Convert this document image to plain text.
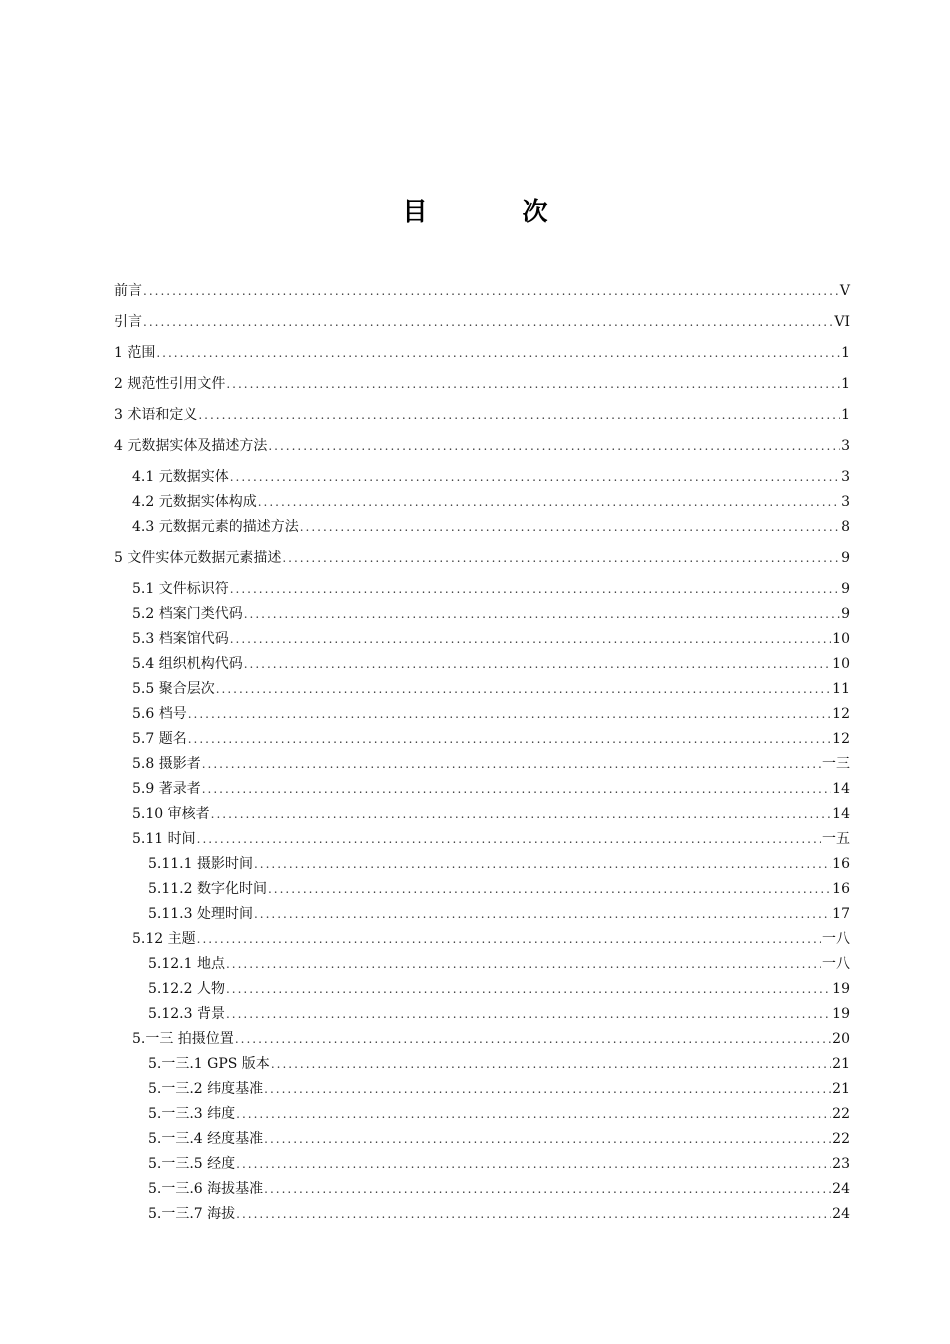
目	次
前言 .....	V
引言 .....	VI
1 范围 .....	1
2 规范性引用文件 .....	1
3 术语和定义 .....	1
4 元数据实体及描述方法 .....	3
4.1 元数据实体 .....	3
4.2 元数据实体构成 .....	3
4.3 元数据元素的描述方法 .....	8
5 文件实体元数据元素描述 .....	9
5.1 文件标识符 .....	9
5.2 档案门类代码 .....	9
5.3 档案馆代码 .....	10
5.4 组织机构代码 .....	10
5.5 聚合层次 .....	11
5.6 档号 .....	12
5.7 题名 .....	12
5.8 摄影者 .....	一三
5.9 著录者 .....	14
5.10 审核者 .....	14
5.11 时间 .....	一五
5.11.1 摄影时间 .....	16
5.11.2 数字化时间 .....	16
5.11.3 处理时间 .....	17
5.12 主题 .....	一八
5.12.1 地点 .....	一八
5.12.2 人物 .....	19
5.12.3 背景 .....	19
5.一三 拍摄位置 .....	20
5.一三.1 GPS 版本 .....	21
5.一三.2 纬度基准 .....	21
5.一三.3 纬度 .....	22
5.一三.4 经度基准 .....	22
5.一三.5 经度 .....	23
5.一三.6 海拔基准 .....	24
5.一三.7 海拔 .....	24
